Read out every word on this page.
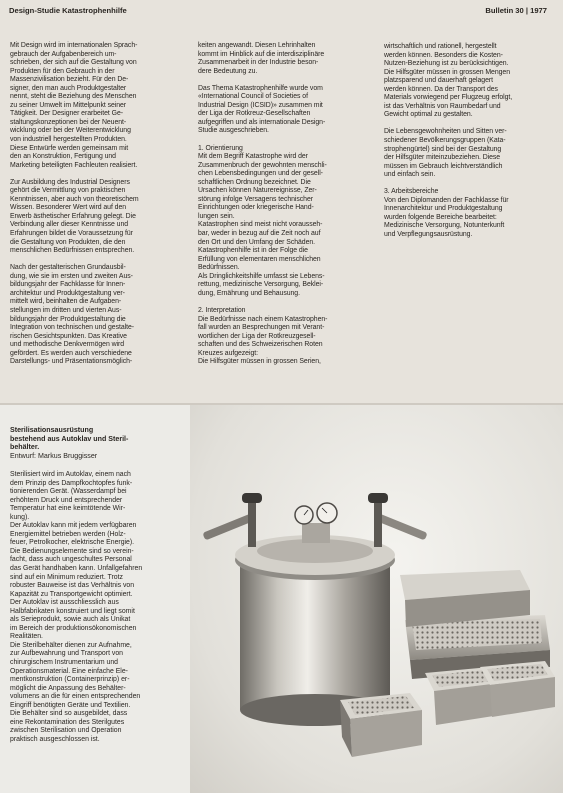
Design-Studie Katastrophenhilfe	Bulletin 30 | 1977

Mit Design wird im internationalen Sprach-
gebrauch der Aufgabenbereich um-
schrieben, der sich auf die Gestaltung von
Produkten für den Gebrauch in der
Massenzivilisation bezieht. Für den De-
signer, den man auch Produktgestalter
nennt, steht die Beziehung des Menschen
zu seiner Umwelt im Mittelpunkt seiner
Tätigkeit. Der Designer erarbeitet Ge-
staltungskonzeptionen bei der Neuent-
wicklung oder bei der Weiterentwicklung
von industriell hergestellten Produkten.
Diese Entwürfe werden gemeinsam mit
den an Konstruktion, Fertigung und
Marketing beteiligten Fachleuten realisiert.

Zur Ausbildung des Industrial Designers
gehört die Vermittlung von praktischen
Kenntnissen, aber auch von theoretischem
Wissen. Besonderer Wert wird auf den
Erwerb ästhetischer Erfahrung gelegt. Die
Verbindung aller dieser Kenntnisse und
Erfahrungen bildet die Voraussetzung für
die Gestaltung von Produkten, die den
menschlichen Bedürfnissen entsprechen.

Nach der gestalterischen Grundausbil-
dung, wie sie im ersten und zweiten Aus-
bildungsjahr der Fachklasse für Innen-
architektur und Produktgestaltung ver-
mittelt wird, beinhalten die Aufgaben-
stellungen im dritten und vierten Aus-
bildungsjahr der Produktgestaltung die
Integration von technischen und gestalte-
rischen Gesichtspunkten. Das Kreative
und methodische Denkvermögen wird
gefördert. Es werden auch verschiedene
Darstellungs- und Präsentationsmöglich-

keiten angewandt. Diesen Lehrinhalten
kommt im Hinblick auf die interdisziplinäre
Zusammenarbeit in der Industrie beson-
dere Bedeutung zu.

Das Thema Katastrophenhilfe wurde vom
«International Council of Societies of
Industrial Design (ICSID)» zusammen mit
der Liga der Rotkreuz-Gesellschaften
aufgegriffen und als internationale Design-
Studie ausgeschrieben.

1. Orientierung

Mit dem Begriff Katastrophe wird der
Zusammenbruch der gewohnten menschli-
chen Lebensbedingungen und der gesell-
schaftlichen Ordnung bezeichnet. Die
Ursachen können Naturereignisse, Zer-
störung infolge Versagens technischer
Einrichtungen oder kriegerische Hand-
lungen sein.
Katastrophen sind meist nicht vorausseh-
bar, weder in bezug auf die Zeit noch auf
den Ort und den Umfang der Schäden.
Katastrophenhilfe ist in der Folge die
Erfüllung von elementaren menschlichen
Bedürfnissen.
Als Dringlichkeitshilfe umfasst sie Lebens-
rettung, medizinische Versorgung, Beklei-
dung, Ernährung und Behausung.

2. Interpretation

Die Bedürfnisse nach einem Katastrophen-
fall wurden an Besprechungen mit Verant-
wortlichen der Liga der Rotkreuzgesell-
schaften und des Schweizerischen Roten
Kreuzes aufgezeigt:
Die Hilfsgüter müssen in grossen Serien,

wirtschaftlich und rationell, hergestellt
werden können. Besonders die Kosten-
Nutzen-Beziehung ist zu berücksichtigen.
Die Hilfsgüter müssen in grossen Mengen
platzsparend und dauerhaft gelagert
werden können. Da der Transport des
Materials vorwiegend per Flugzeug erfolgt,
ist das Verhältnis von Raumbedarf und
Gewicht optimal zu gestalten.

Die Lebensgewohnheiten und Sitten ver-
schiedener Bevölkerungsgruppen (Kata-
strophengürtel) sind bei der Gestaltung
der Hilfsgüter miteinzubeziehen. Diese
müssen im Gebrauch leichtverständlich
und einfach sein.

3. Arbeitsbereiche

Von den Diplomanden der Fachklasse für
Innenarchitektur und Produktgestaltung
wurden folgende Bereiche bearbeitet:
Medizinische Versorgung, Notunterkunft
und Verpflegungsausrüstung.

Sterilisationsausrüstung
bestehend aus Autoklav und Steril-
behälter.
Entwurf: Markus Bruggisser

Sterilisiert wird im Autoklav, einem nach
dem Prinzip des Dampfkochtopfes funk-
tionierenden Gerät. (Wasserdampf bei
erhöhtem Druck und entsprechender
Temperatur hat eine keimtötende Wir-
kung).
Der Autoklav kann mit jedem verfügbaren
Energiemittel betrieben werden (Holz-
feuer, Petrolkocher, elektrische Energie).
Die Bedienungselemente sind so verein-
facht, dass auch ungeschultes Personal
das Gerät handhaben kann. Unfallgefahren
sind auf ein Minimum reduziert. Trotz
robuster Bauweise ist das Verhältnis von
Kapazität zu Transportgewicht optimiert.
Der Autoklav ist ausschliesslich aus
Halbfabrikaten konstruiert und liegt somit
als Serieprodukt, sowie auch als Unikat
im Bereich der produktionsökonomischen
Realitäten.
Die Sterilbehälter dienen zur Aufnahme,
zur Aufbewahrung und Transport von
chirurgischem Instrumentarium und
Operationsmaterial. Eine einfache Ele-
mentkonstruktion (Containerprinzip) er-
möglicht die Anpassung des Behälter-
volumens an die für einen entsprechenden
Eingriff benötigten Geräte und Textilien.
Die Behälter sind so ausgebildet, dass
eine Rekontamination des Sterilgutes
zwischen Sterilisation und Operation
praktisch ausgeschlossen ist.
